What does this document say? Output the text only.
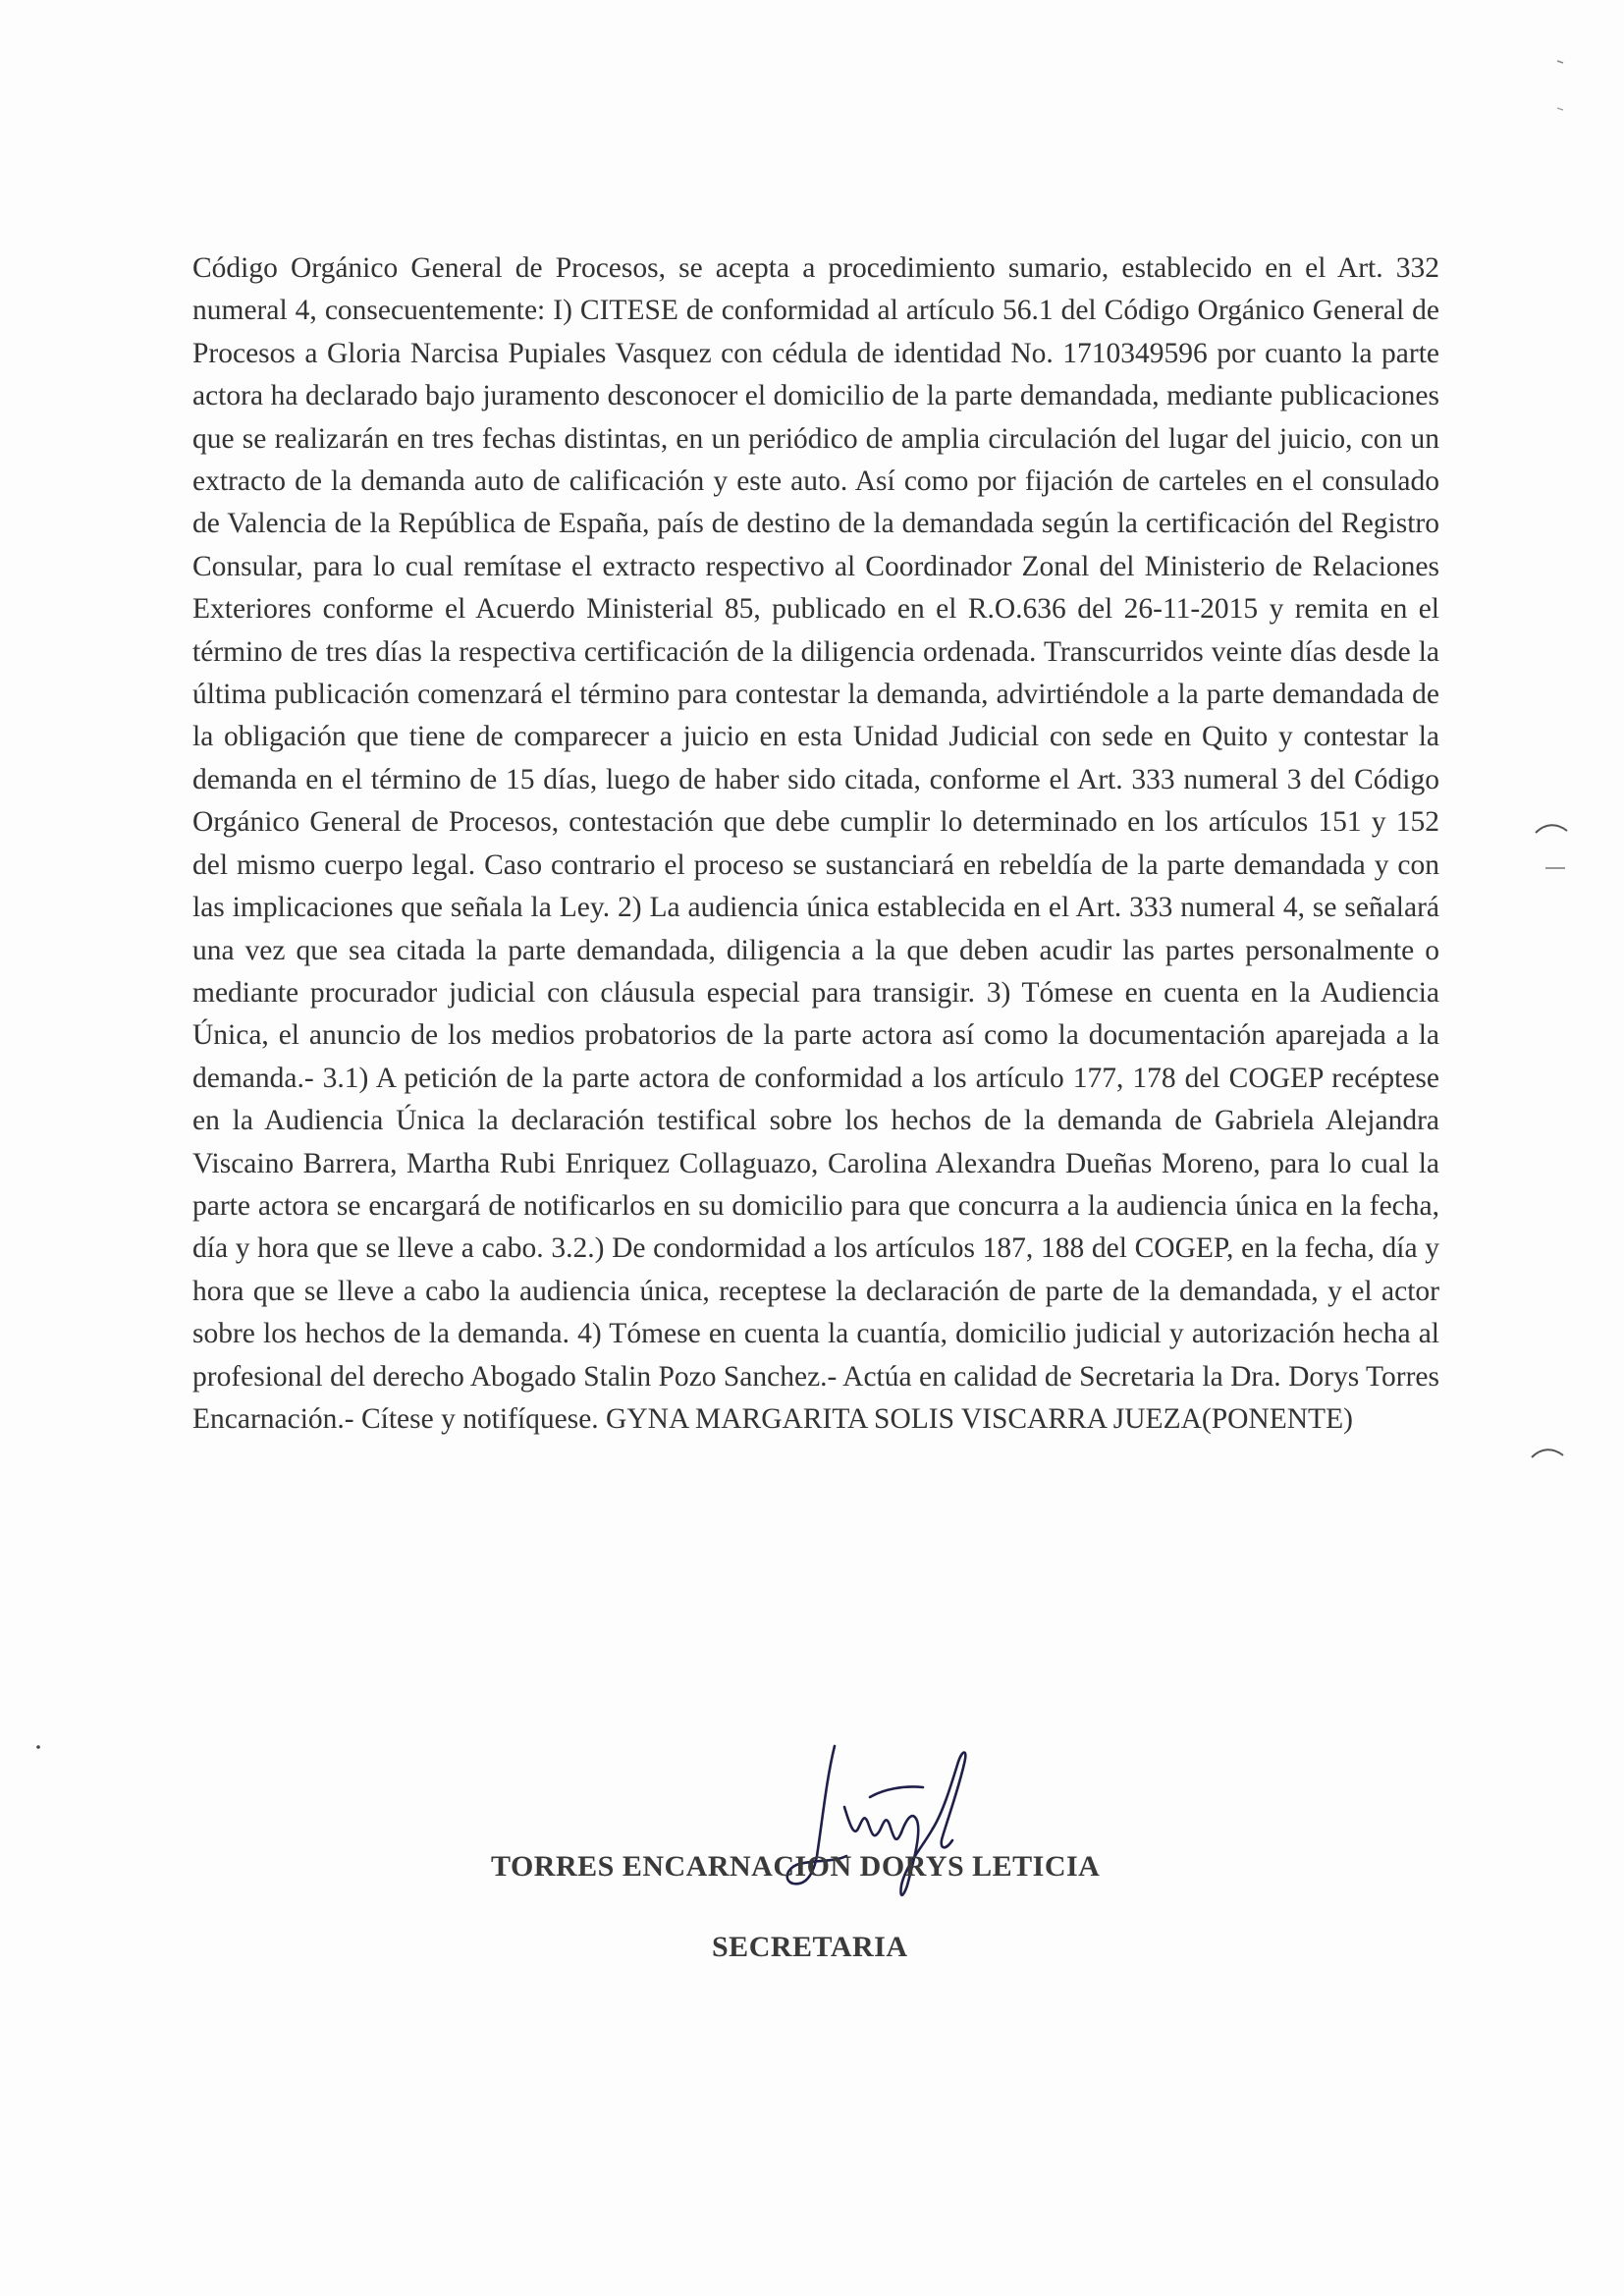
Código Orgánico General de Procesos, se acepta a procedimiento sumario, establecido en el Art. 332 numeral 4, consecuentemente: I) CITESE de conformidad al artículo 56.1 del Código Orgánico General de Procesos a Gloria Narcisa Pupiales Vasquez con cédula de identidad No. 1710349596 por cuanto la parte actora ha declarado bajo juramento desconocer el domicilio de la parte demandada, mediante publicaciones que se realizarán en tres fechas distintas, en un periódico de amplia circulación del lugar del juicio, con un extracto de la demanda auto de calificación y este auto. Así como por fijación de carteles en el consulado de Valencia de la República de España, país de destino de la demandada según la certificación del Registro Consular, para lo cual remítase el extracto respectivo al Coordinador Zonal del Ministerio de Relaciones Exteriores conforme el Acuerdo Ministerial 85, publicado en el R.O.636 del 26-11-2015 y remita en el término de tres días la respectiva certificación de la diligencia ordenada. Transcurridos veinte días desde la última publicación comenzará el término para contestar la demanda, advirtiéndole a la parte demandada de la obligación que tiene de comparecer a juicio en esta Unidad Judicial con sede en Quito y contestar la demanda en el término de 15 días, luego de haber sido citada, conforme el Art. 333 numeral 3 del Código Orgánico General de Procesos, contestación que debe cumplir lo determinado en los artículos 151 y 152 del mismo cuerpo legal. Caso contrario el proceso se sustanciará en rebeldía de la parte demandada y con las implicaciones que señala la Ley. 2) La audiencia única establecida en el Art. 333 numeral 4, se señalará una vez que sea citada la parte demandada, diligencia a la que deben acudir las partes personalmente o mediante procurador judicial con cláusula especial para transigir. 3) Tómese en cuenta en la Audiencia Única, el anuncio de los medios probatorios de la parte actora así como la documentación aparejada a la demanda.- 3.1) A petición de la parte actora de conformidad a los artículo 177, 178 del COGEP recéptese en la Audiencia Única la declaración testifical sobre los hechos de la demanda de Gabriela Alejandra Viscaino Barrera, Martha Rubi Enriquez Collaguazo, Carolina Alexandra Dueñas Moreno, para lo cual la parte actora se encargará de notificarlos en su domicilio para que concurra a la audiencia única en la fecha, día y hora que se lleve a cabo. 3.2.) De condormidad a los artículos 187, 188 del COGEP, en la fecha, día y hora que se lleve a cabo la audiencia única, receptese la declaración de parte de la demandada, y el actor sobre los hechos de la demanda. 4) Tómese en cuenta la cuantía, domicilio judicial y autorización hecha al profesional del derecho Abogado Stalin Pozo Sanchez.- Actúa en calidad de Secretaria la Dra. Dorys Torres Encarnación.- Cítese y notifíquese. GYNA MARGARITA SOLIS VISCARRA JUEZA(PONENTE)

TORRES ENCARNACION DORYS LETICIA
SECRETARIA
